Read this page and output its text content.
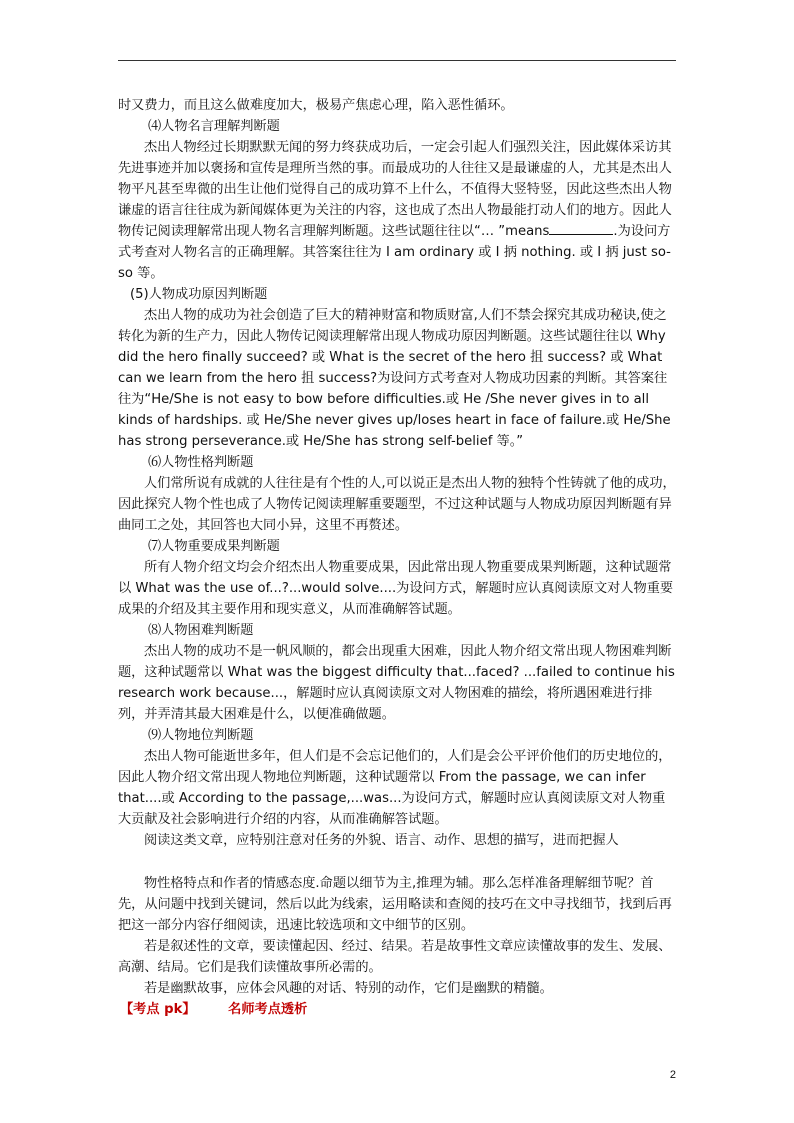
时又费力，而且这么做难度加大，极易产焦虑心理，陷入恶性循环。
⑷人物名言理解判断题
杰出人物经过长期默默无闻的努力终获成功后，一定会引起人们强烈关注，因此媒体采访其先进事迹并加以褒扬和宣传是理所当然的事。而最成功的人往往又是最谦虚的人，尤其是杰出人物平凡甚至卑微的出生让他们觉得自己的成功算不上什么，不值得大竖特竖，因此这些杰出人物谦虚的语言往往成为新闻媒体更为关注的内容，这也成了杰出人物最能打动人们的地方。因此人物传记阅读理解常出现人物名言理解判断题。这些试题往往以“… ”means	.为设问方式考查对人物名言的正确理解。其答案往往为 I am ordinary 或 I 抦 nothing. 或 I 抦 just so-so 等。
(5)人物成功原因判断题
杰出人物的成功为社会创造了巨大的精神财富和物质财富,人们不禁会探究其成功秘诀,使之转化为新的生产力，因此人物传记阅读理解常出现人物成功原因判断题。这些试题往往以 Why did the hero finally succeed? 或 What is the secret of the hero 抯 success? 或 What can we learn from the hero 抯 success?为设问方式考查对人物成功因素的判断。其答案往往为“He/She is not easy to bow before difficulties.或 He /She never gives in to all kinds of hardships. 或 He/She never gives up/loses heart in face of failure.或 He/She has strong perseverance.或 He/She has strong self-belief 等。”
⑹人物性格判断题
人们常所说有成就的人往往是有个性的人,可以说正是杰出人物的独特个性铸就了他的成功，因此探究人物个性也成了人物传记阅读理解重要题型，不过这种试题与人物成功原因判断题有异曲同工之处，其回答也大同小异，这里不再赘述。
⑺人物重要成果判断题
所有人物介绍文均会介绍杰出人物重要成果，因此常出现人物重要成果判断题，这种试题常以 What was the use of...?...would solve....为设问方式，解题时应认真阅读原文对人物重要成果的介绍及其主要作用和现实意义，从而准确解答试题。
⑻人物困难判断题
杰出人物的成功不是一帆风顺的，都会出现重大困难，因此人物介绍文常出现人物困难判断题，这种试题常以 What was the biggest difficulty that...faced? ...failed to continue his research work because...，解题时应认真阅读原文对人物困难的描绘，将所遇困难进行排列，并弄清其最大困难是什么，以便准确做题。
⑼人物地位判断题
杰出人物可能逝世多年，但人们是不会忘记他们的，人们是会公平评价他们的历史地位的，因此人物介绍文常出现人物地位判断题，这种试题常以 From the passage, we can infer that....或 According to the passage,...was...为设问方式，解题时应认真阅读原文对人物重大贡献及社会影响进行介绍的内容，从而准确解答试题。
阅读这类文章，应特别注意对任务的外貌、语言、动作、思想的描写，进而把握人
物性格特点和作者的情感态度.命题以细节为主,推理为辅。那么怎样准备理解细节呢？首先，从问题中找到关键词，然后以此为线索，运用略读和查阅的技巧在文中寻找细节，找到后再把这一部分内容仔细阅读，迅速比较选项和文中细节的区别。
若是叙述性的文章，要读懂起因、经过、结果。若是故事性文章应读懂故事的发生、发展、高潮、结局。它们是我们读懂故事所必需的。
若是幽默故事，应体会风趣的对话、特别的动作，它们是幽默的精髓。
【考点 pk】 名师考点透析
2
